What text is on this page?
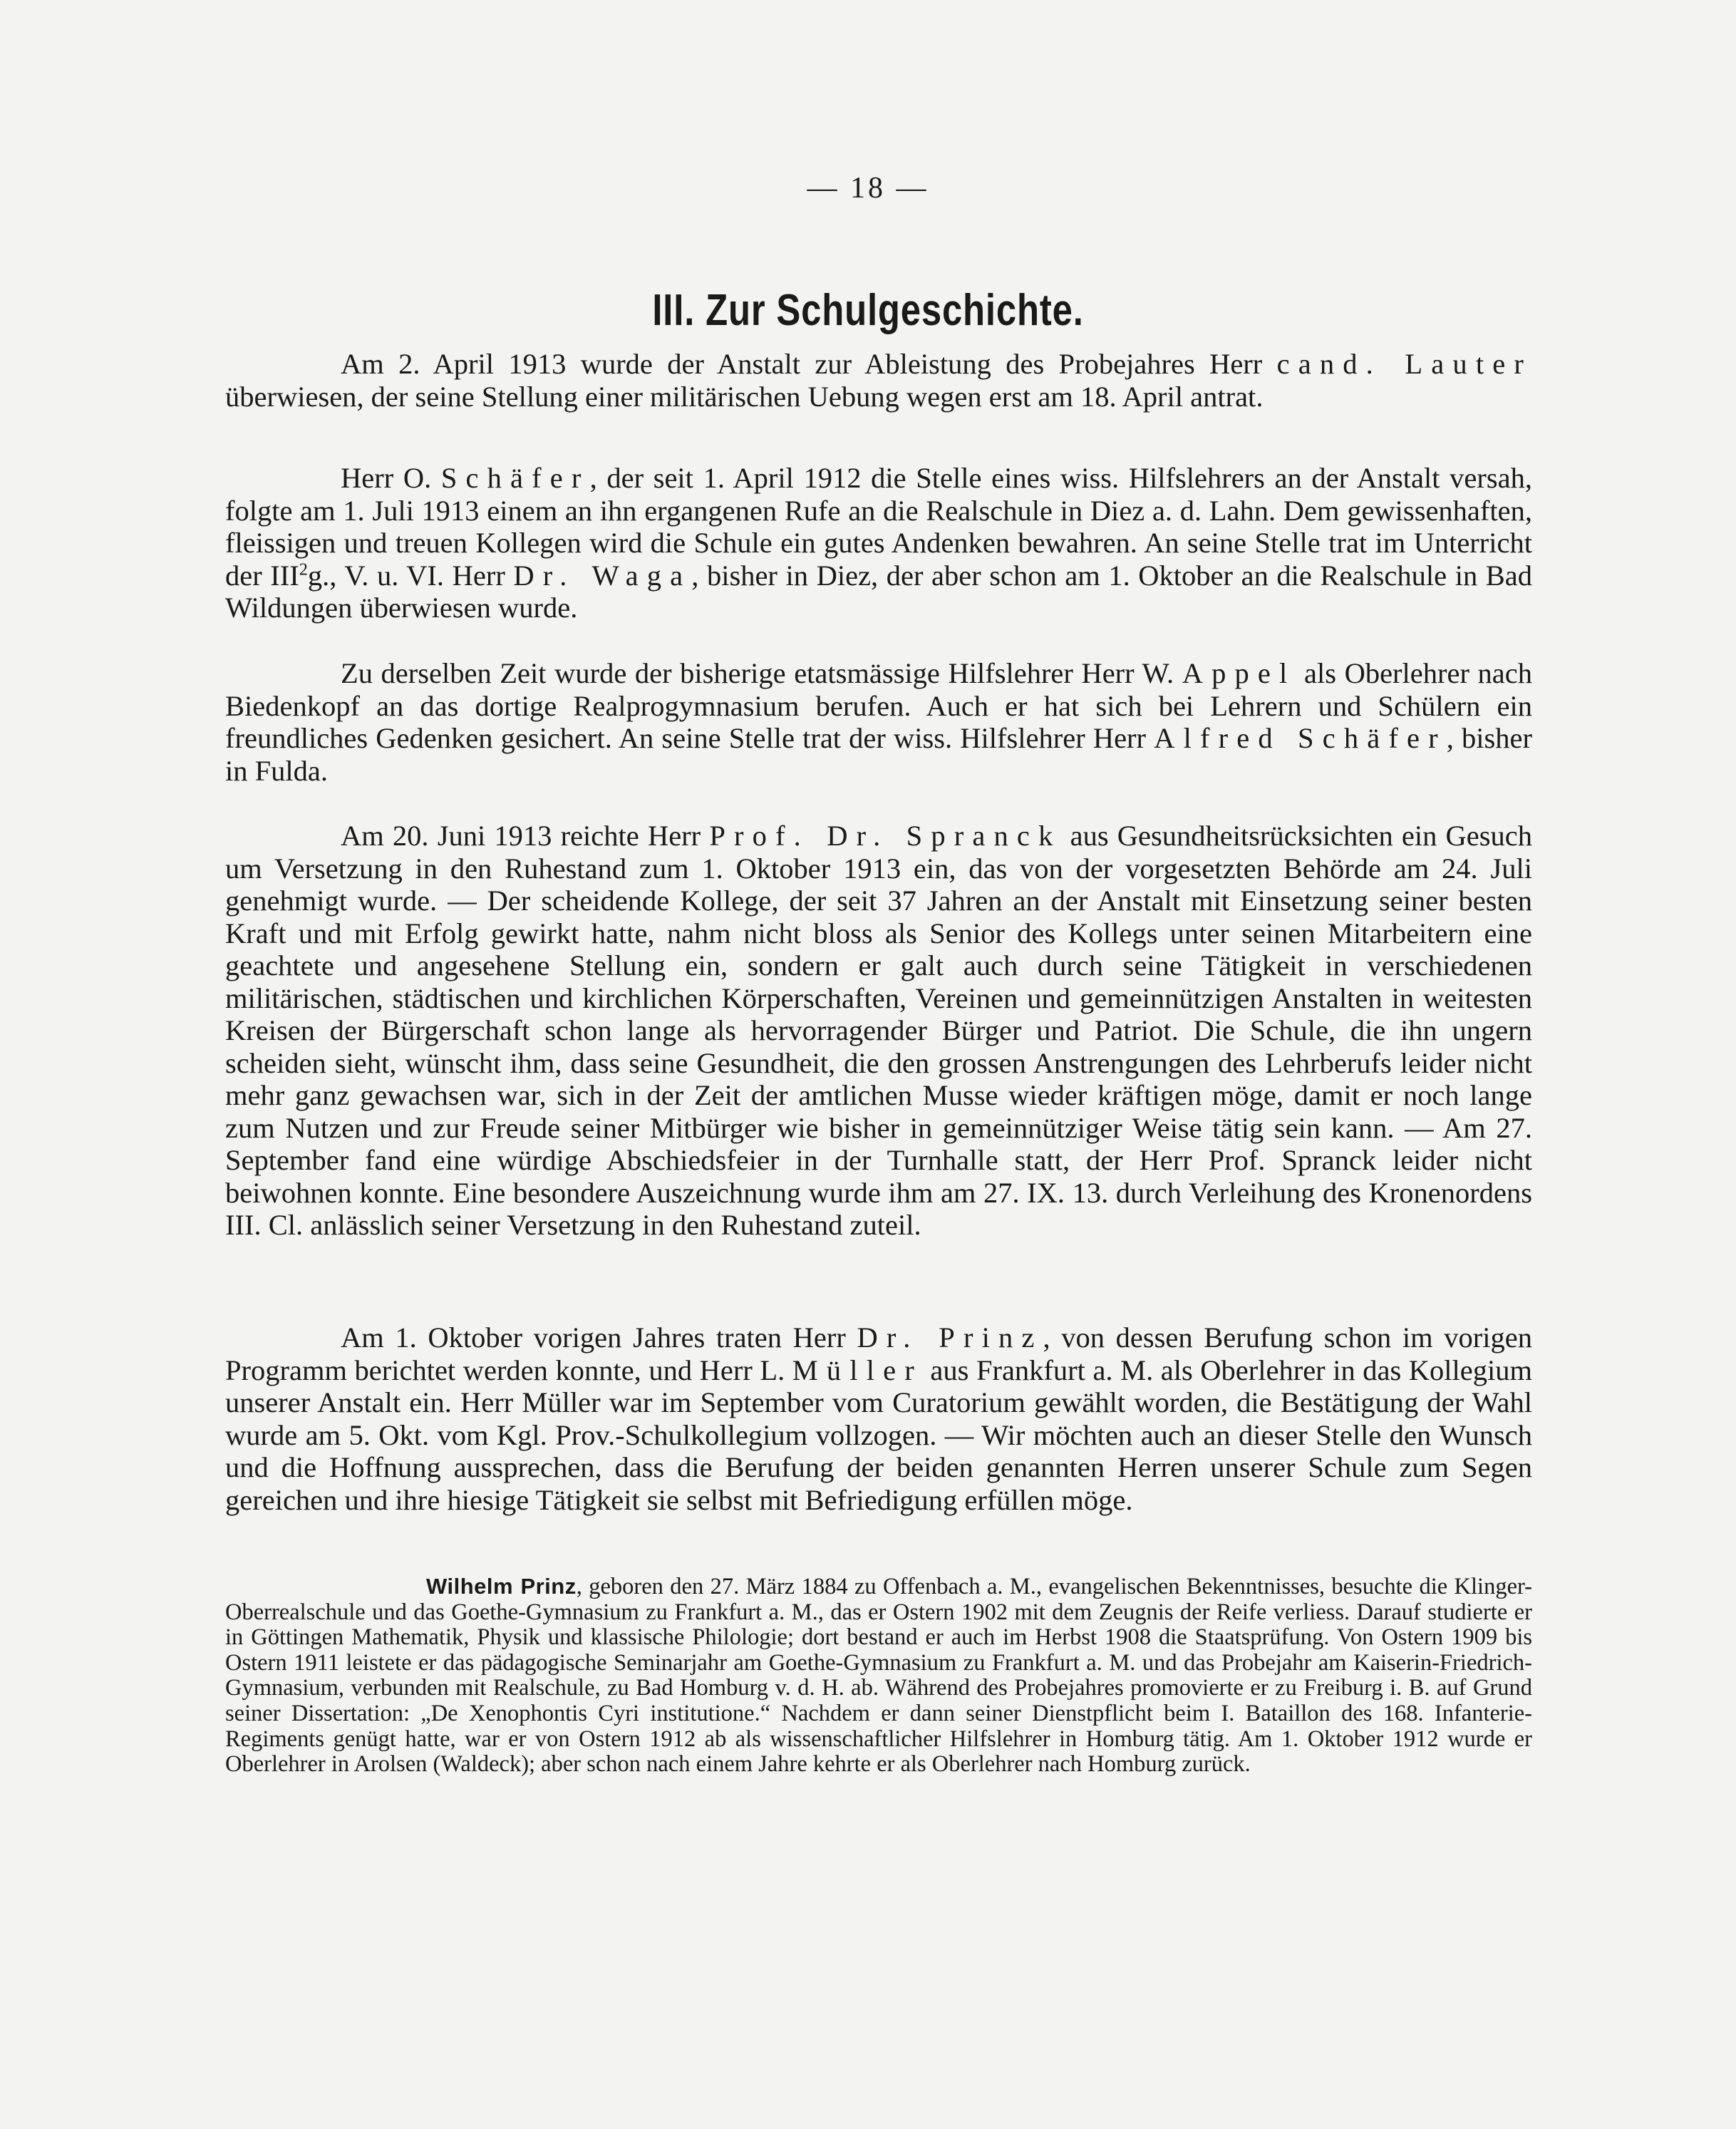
— 18 —
III. Zur Schulgeschichte.

Am 2. April 1913 wurde der Anstalt zur Ableistung des Probejahres Herr cand. Lauter überwiesen, der seine Stellung einer militärischen Uebung wegen erst am 18. April antrat.

Herr O. Schäfer, der seit 1. April 1912 die Stelle eines wiss. Hilfslehrers an der Anstalt versah, folgte am 1. Juli 1913 einem an ihn ergangenen Rufe an die Realschule in Diez a. d. Lahn. Dem gewissenhaften, fleissigen und treuen Kollegen wird die Schule ein gutes Andenken bewahren. An seine Stelle trat im Unterricht der III$^2$g., V. u. VI. Herr Dr. Waga, bisher in Diez, der aber schon am 1. Oktober an die Realschule in Bad Wildungen überwiesen wurde.

Zu derselben Zeit wurde der bisherige etatsmässige Hilfslehrer Herr W. Appel als Oberlehrer nach Biedenkopf an das dortige Realprogymnasium berufen. Auch er hat sich bei Lehrern und Schülern ein freundliches Gedenken gesichert. An seine Stelle trat der wiss. Hilfslehrer Herr Alfred Schäfer, bisher in Fulda.

Am 20. Juni 1913 reichte Herr Prof. Dr. Spranck aus Gesundheitsrücksichten ein Gesuch um Versetzung in den Ruhestand zum 1. Oktober 1913 ein, das von der vorgesetzten Behörde am 24. Juli genehmigt wurde. — Der scheidende Kollege, der seit 37 Jahren an der Anstalt mit Einsetzung seiner besten Kraft und mit Erfolg gewirkt hatte, nahm nicht bloss als Senior des Kollegs unter seinen Mitarbeitern eine geachtete und angesehene Stellung ein, sondern er galt auch durch seine Tätigkeit in verschiedenen militärischen, städtischen und kirchlichen Körperschaften, Vereinen und gemeinnützigen Anstalten in weitesten Kreisen der Bürgerschaft schon lange als hervorragender Bürger und Patriot. Die Schule, die ihn ungern scheiden sieht, wünscht ihm, dass seine Gesundheit, die den grossen Anstrengungen des Lehrberufs leider nicht mehr ganz gewachsen war, sich in der Zeit der amtlichen Musse wieder kräftigen möge, damit er noch lange zum Nutzen und zur Freude seiner Mitbürger wie bisher in gemeinnütziger Weise tätig sein kann. — Am 27. September fand eine würdige Abschiedsfeier in der Turnhalle statt, der Herr Prof. Spranck leider nicht beiwohnen konnte. Eine besondere Auszeichnung wurde ihm am 27. IX. 13. durch Verleihung des Kronenordens III. Cl. anlässlich seiner Versetzung in den Ruhestand zuteil.

Am 1. Oktober vorigen Jahres traten Herr Dr. Prinz, von dessen Berufung schon im vorigen Programm berichtet werden konnte, und Herr L. Müller aus Frankfurt a. M. als Oberlehrer in das Kollegium unserer Anstalt ein. Herr Müller war im September vom Curatorium gewählt worden, die Bestätigung der Wahl wurde am 5. Okt. vom Kgl. Prov.-Schulkollegium vollzogen. — Wir möchten auch an dieser Stelle den Wunsch und die Hoffnung aussprechen, dass die Berufung der beiden genannten Herren unserer Schule zum Segen gereichen und ihre hiesige Tätigkeit sie selbst mit Befriedigung erfüllen möge.

Wilhelm Prinz, geboren den 27. März 1884 zu Offenbach a. M., evangelischen Bekenntnisses, besuchte die Klinger-Oberrealschule und das Goethe-Gymnasium zu Frankfurt a. M., das er Ostern 1902 mit dem Zeugnis der Reife verliess. Darauf studierte er in Göttingen Mathematik, Physik und klassische Philologie; dort bestand er auch im Herbst 1908 die Staatsprüfung. Von Ostern 1909 bis Ostern 1911 leistete er das pädagogische Seminarjahr am Goethe-Gymnasium zu Frankfurt a. M. und das Probejahr am Kaiserin-Friedrich-Gymnasium, verbunden mit Realschule, zu Bad Homburg v. d. H. ab. Während des Probejahres promovierte er zu Freiburg i. B. auf Grund seiner Dissertation: „De Xenophontis Cyri institutione.“ Nachdem er dann seiner Dienstpflicht beim I. Bataillon des 168. Infanterie-Regiments genügt hatte, war er von Ostern 1912 ab als wissenschaftlicher Hilfslehrer in Homburg tätig. Am 1. Oktober 1912 wurde er Oberlehrer in Arolsen (Waldeck); aber schon nach einem Jahre kehrte er als Oberlehrer nach Homburg zurück.
